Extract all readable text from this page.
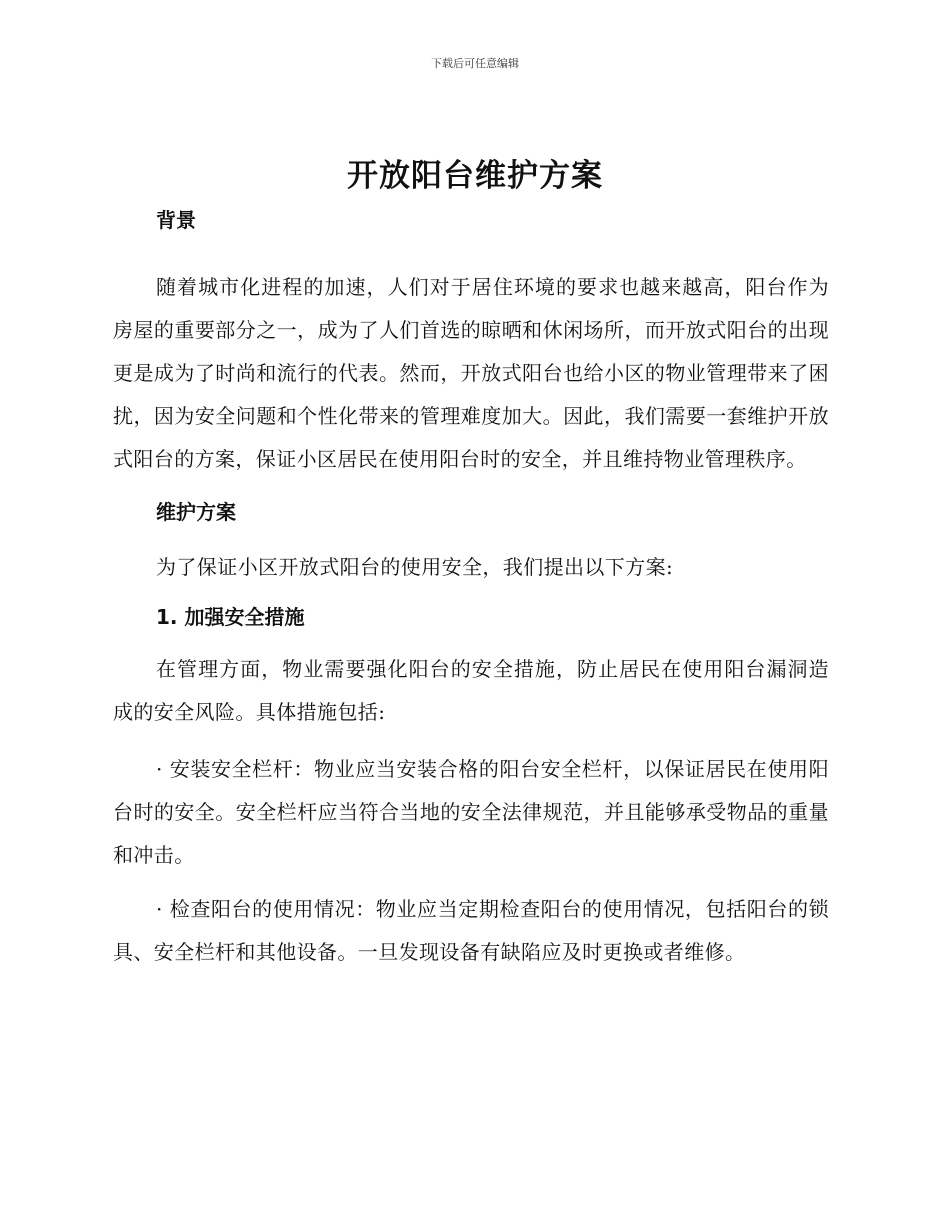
下载后可任意编辑
开放阳台维护方案
背景

随着城市化进程的加速，人们对于居住环境的要求也越来越高，阳台作为房屋的重要部分之一，成为了人们首选的晾晒和休闲场所，而开放式阳台的出现更是成为了时尚和流行的代表。然而，开放式阳台也给小区的物业管理带来了困扰，因为安全问题和个性化带来的管理难度加大。因此，我们需要一套维护开放式阳台的方案，保证小区居民在使用阳台时的安全，并且维持物业管理秩序。

维护方案

为了保证小区开放式阳台的使用安全，我们提出以下方案:

1. 加强安全措施

在管理方面，物业需要强化阳台的安全措施，防止居民在使用阳台漏洞造成的安全风险。具体措施包括:

· 安装安全栏杆：物业应当安装合格的阳台安全栏杆，以保证居民在使用阳台时的安全。安全栏杆应当符合当地的安全法律规范，并且能够承受物品的重量和冲击。

· 检查阳台的使用情况：物业应当定期检查阳台的使用情况，包括阳台的锁具、安全栏杆和其他设备。一旦发现设备有缺陷应及时更换或者维修。
